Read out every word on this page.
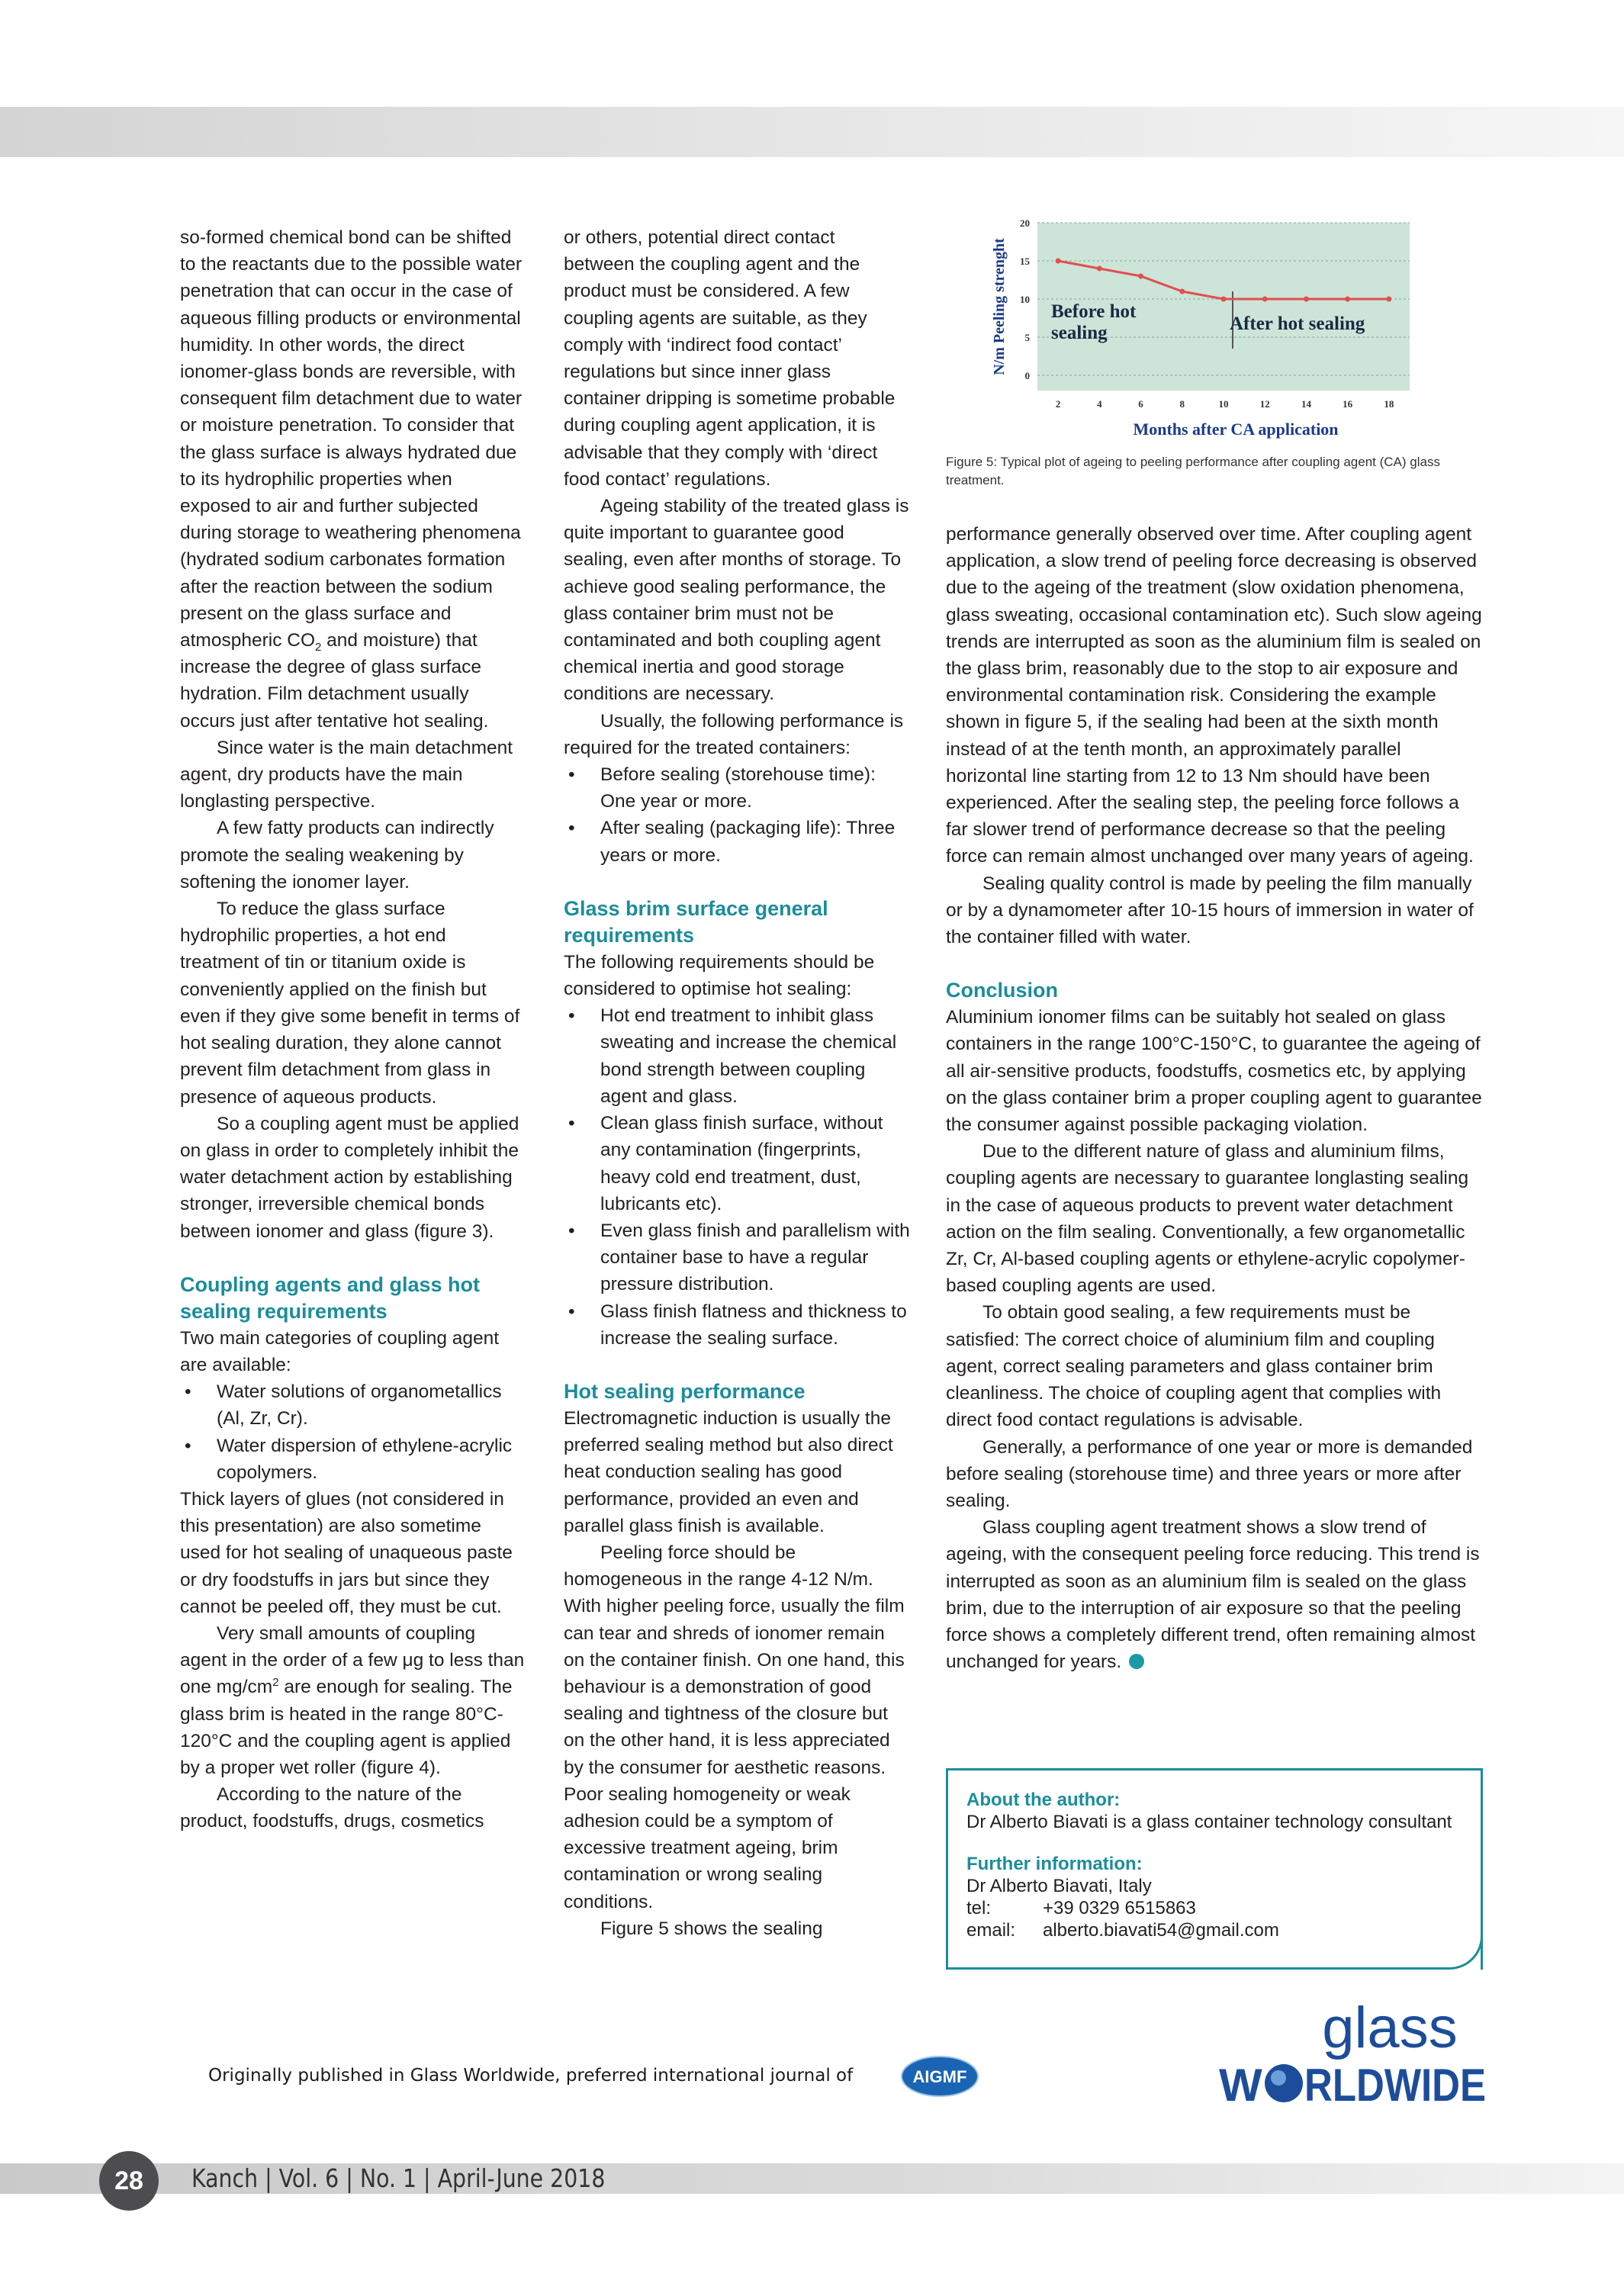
0
5
10
15
20
2	4	6	8	10	12	14	16	18
Before hot sealing	After hot sealing
Months after CA application
N/m Peeling strenght
Figure 5: Typical plot of ageing to peeling performance after coupling agent (CA) glass treatment.

so-formed chemical bond can be shifted to the reactants due to the possible water penetration that can occur in the case of aqueous filling products or environmental humidity. In other words, the direct ionomer-glass bonds are reversible, with consequent film detachment due to water or moisture penetration. To consider that the glass surface is always hydrated due to its hydrophilic properties when exposed to air and further subjected during storage to weathering phenomena (hydrated sodium carbonates formation after the reaction between the sodium present on the glass surface and atmospheric $CO_2$ and moisture) that increase the degree of glass surface hydration. Film detachment usually occurs just after tentative hot sealing.

Since water is the main detachment agent, dry products have the main longlasting perspective.

A few fatty products can indirectly promote the sealing weakening by softening the ionomer layer.

To reduce the glass surface hydrophilic properties, a hot end treatment of tin or titanium oxide is conveniently applied on the finish but even if they give some benefit in terms of hot sealing duration, they alone cannot prevent film detachment from glass in presence of aqueous products.

So a coupling agent must be applied on glass in order to completely inhibit the water detachment action by establishing stronger, irreversible chemical bonds between ionomer and glass (figure 3).

Coupling agents and glass hot sealing requirements

Two main categories of coupling agent are available:

• Water solutions of organometallics (Al, Zr, Cr).
• Water dispersion of ethylene-acrylic copolymers.

Thick layers of glues (not considered in this presentation) are also sometime used for hot sealing of unaqueous paste or dry foodstuffs in jars but since they cannot be peeled off, they must be cut.

Very small amounts of coupling agent in the order of a few μg to less than one $mg/cm^2$ are enough for sealing. The glass brim is heated in the range 80°C-120°C and the coupling agent is applied by a proper wet roller (figure 4).

According to the nature of the product, foodstuffs, drugs, cosmetics

or others, potential direct contact between the coupling agent and the product must be considered. A few coupling agents are suitable, as they comply with ‘indirect food contact’ regulations but since inner glass container dripping is sometime probable during coupling agent application, it is advisable that they comply with ‘direct food contact’ regulations.

Ageing stability of the treated glass is quite important to guarantee good sealing, even after months of storage. To achieve good sealing performance, the glass container brim must not be contaminated and both coupling agent chemical inertia and good storage conditions are necessary.

Usually, the following performance is required for the treated containers:

• Before sealing (storehouse time): One year or more.
• After sealing (packaging life): Three years or more.
Glass brim surface general requirements

The following requirements should be considered to optimise hot sealing:

• Hot end treatment to inhibit glass sweating and increase the chemical bond strength between coupling agent and glass.
• Clean glass finish surface, without any contamination (fingerprints, heavy cold end treatment, dust, lubricants etc).
• Even glass finish and parallelism with container base to have a regular pressure distribution.
• Glass finish flatness and thickness to increase the sealing surface.
Hot sealing performance

Electromagnetic induction is usually the preferred sealing method but also direct heat conduction sealing has good performance, provided an even and parallel glass finish is available.

Peeling force should be homogeneous in the range 4-12 N/m. With higher peeling force, usually the film can tear and shreds of ionomer remain on the container finish. On one hand, this behaviour is a demonstration of good sealing and tightness of the closure but on the other hand, it is less appreciated by the consumer for aesthetic reasons. Poor sealing homogeneity or weak adhesion could be a symptom of excessive treatment ageing, brim contamination or wrong sealing conditions.

Figure 5 shows the sealing

performance generally observed over time. After coupling agent application, a slow trend of peeling force decreasing is observed due to the ageing of the treatment (slow oxidation phenomena, glass sweating, occasional contamination etc). Such slow ageing trends are interrupted as soon as the aluminium film is sealed on the glass brim, reasonably due to the stop to air exposure and environmental contamination risk. Considering the example shown in figure 5, if the sealing had been at the sixth month instead of at the tenth month, an approximately parallel horizontal line starting from 12 to 13 Nm should have been experienced. After the sealing step, the peeling force follows a far slower trend of performance decrease so that the peeling force can remain almost unchanged over many years of ageing.

Sealing quality control is made by peeling the film manually or by a dynamometer after 10-15 hours of immersion in water of the container filled with water.

Conclusion

Aluminium ionomer films can be suitably hot sealed on glass containers in the range 100°C-150°C, to guarantee the ageing of all air-sensitive products, foodstuffs, cosmetics etc, by applying on the glass container brim a proper coupling agent to guarantee the consumer against possible packaging violation.

Due to the different nature of glass and aluminium films, coupling agents are necessary to guarantee longlasting sealing in the case of aqueous products to prevent water detachment action on the film sealing. Conventionally, a few organometallic Zr, Cr, Al-based coupling agents or ethylene-acrylic copolymer-based coupling agents are used.

To obtain good sealing, a few requirements must be satisfied: The correct choice of aluminium film and coupling agent, correct sealing parameters and glass container brim cleanliness. The choice of coupling agent that complies with direct food contact regulations is advisable.

Generally, a performance of one year or more is demanded before sealing (storehouse time) and three years or more after sealing.

Glass coupling agent treatment shows a slow trend of ageing, with the consequent peeling force reducing. This trend is interrupted as soon as an aluminium film is sealed on the glass brim, due to the interruption of air exposure so that the peeling force shows a completely different trend, often remaining almost unchanged for years.

About the author:
Dr Alberto Biavati is a glass container technology consultant
Further information:
Dr Alberto Biavati, Italy
tel:	+39 0329 6515863
email: alberto.biavati54@gmail.com
Originally published in Glass Worldwide, preferred international journal of	AIGMF
glass
W RLDWIDE
28	Kanch | Vol. 6 | No. 1 | April-June 2018
